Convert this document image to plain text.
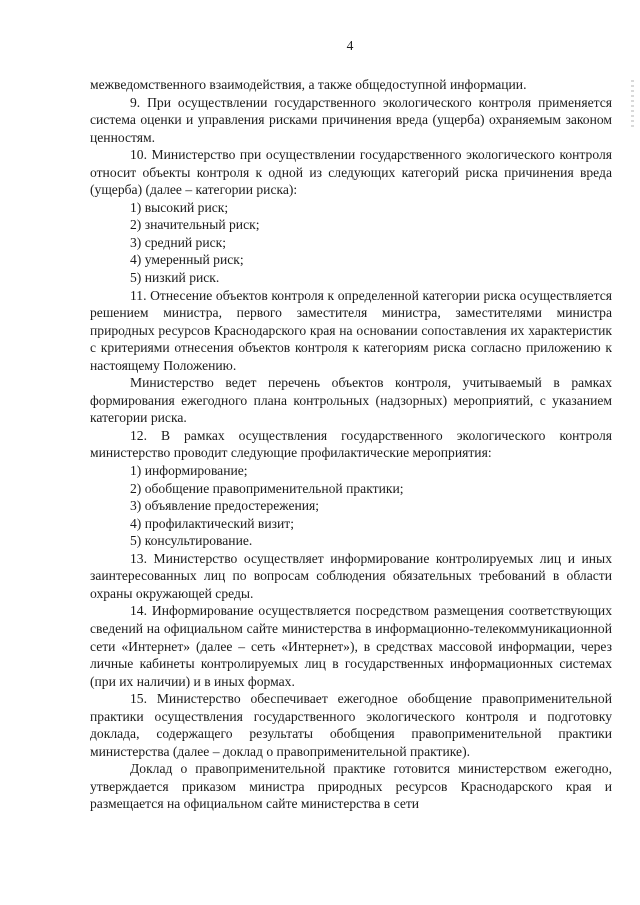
4

межведомственного взаимодействия, а также общедоступной информации.

9. При осуществлении государственного экологического контроля применяется система оценки и управления рисками причинения вреда (ущерба) охраняемым законом ценностям.

10. Министерство при осуществлении государственного экологического контроля относит объекты контроля к одной из следующих категорий риска причинения вреда (ущерба) (далее – категории риска):

1) высокий риск;

2) значительный риск;

3) средний риск;

4) умеренный риск;

5) низкий риск.

11. Отнесение объектов контроля к определенной категории риска осуществляется решением министра, первого заместителя министра, заместителями министра природных ресурсов Краснодарского края на основании сопоставления их характеристик с критериями отнесения объектов контроля к категориям риска согласно приложению к настоящему Положению.

Министерство ведет перечень объектов контроля, учитываемый в рамках формирования ежегодного плана контрольных (надзорных) мероприятий, с указанием категории риска.

12. В рамках осуществления государственного экологического контроля министерство проводит следующие профилактические мероприятия:

1) информирование;

2) обобщение правоприменительной практики;

3) объявление предостережения;

4) профилактический визит;

5) консультирование.

13. Министерство осуществляет информирование контролируемых лиц и иных заинтересованных лиц по вопросам соблюдения обязательных требований в области охраны окружающей среды.

14. Информирование осуществляется посредством размещения соответствующих сведений на официальном сайте министерства в информационно-телекоммуникационной сети «Интернет» (далее – сеть «Интернет»), в средствах массовой информации, через личные кабинеты контролируемых лиц в государственных информационных системах (при их наличии) и в иных формах.

15. Министерство обеспечивает ежегодное обобщение правоприменительной практики осуществления государственного экологического контроля и подготовку доклада, содержащего результаты обобщения правоприменительной практики министерства (далее – доклад о правоприменительной практике).

Доклад о правоприменительной практике готовится министерством ежегодно, утверждается приказом министра природных ресурсов Краснодарского края и размещается на официальном сайте министерства в сети
